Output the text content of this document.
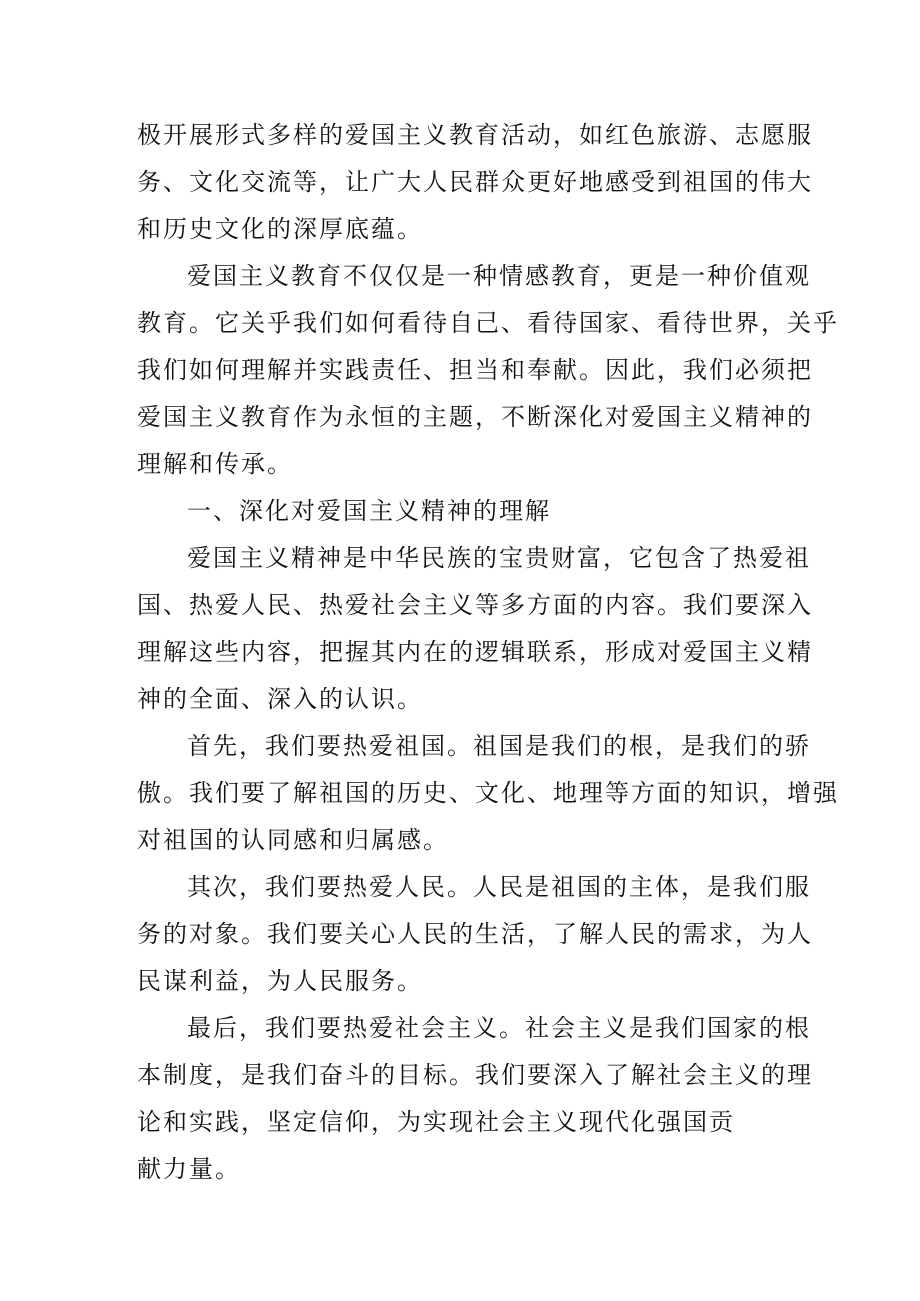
极开展形式多样的爱国主义教育活动，如红色旅游、志愿服
务、文化交流等，让广大人民群众更好地感受到祖国的伟大
和历史文化的深厚底蕴。
爱国主义教育不仅仅是一种情感教育，更是一种价值观
教育。它关乎我们如何看待自己、看待国家、看待世界，关乎
我们如何理解并实践责任、担当和奉献。因此，我们必须把
爱国主义教育作为永恒的主题，不断深化对爱国主义精神的
理解和传承。
一、深化对爱国主义精神的理解
爱国主义精神是中华民族的宝贵财富，它包含了热爱祖
国、热爱人民、热爱社会主义等多方面的内容。我们要深入
理解这些内容，把握其内在的逻辑联系，形成对爱国主义精
神的全面、深入的认识。
首先，我们要热爱祖国。祖国是我们的根，是我们的骄
傲。我们要了解祖国的历史、文化、地理等方面的知识，增强
对祖国的认同感和归属感。
其次，我们要热爱人民。人民是祖国的主体，是我们服
务的对象。我们要关心人民的生活，了解人民的需求，为人
民谋利益，为人民服务。
最后，我们要热爱社会主义。社会主义是我们国家的根
本制度，是我们奋斗的目标。我们要深入了解社会主义的理
论和实践，坚定信仰，为实现社会主义现代化强国贡
献力量。
